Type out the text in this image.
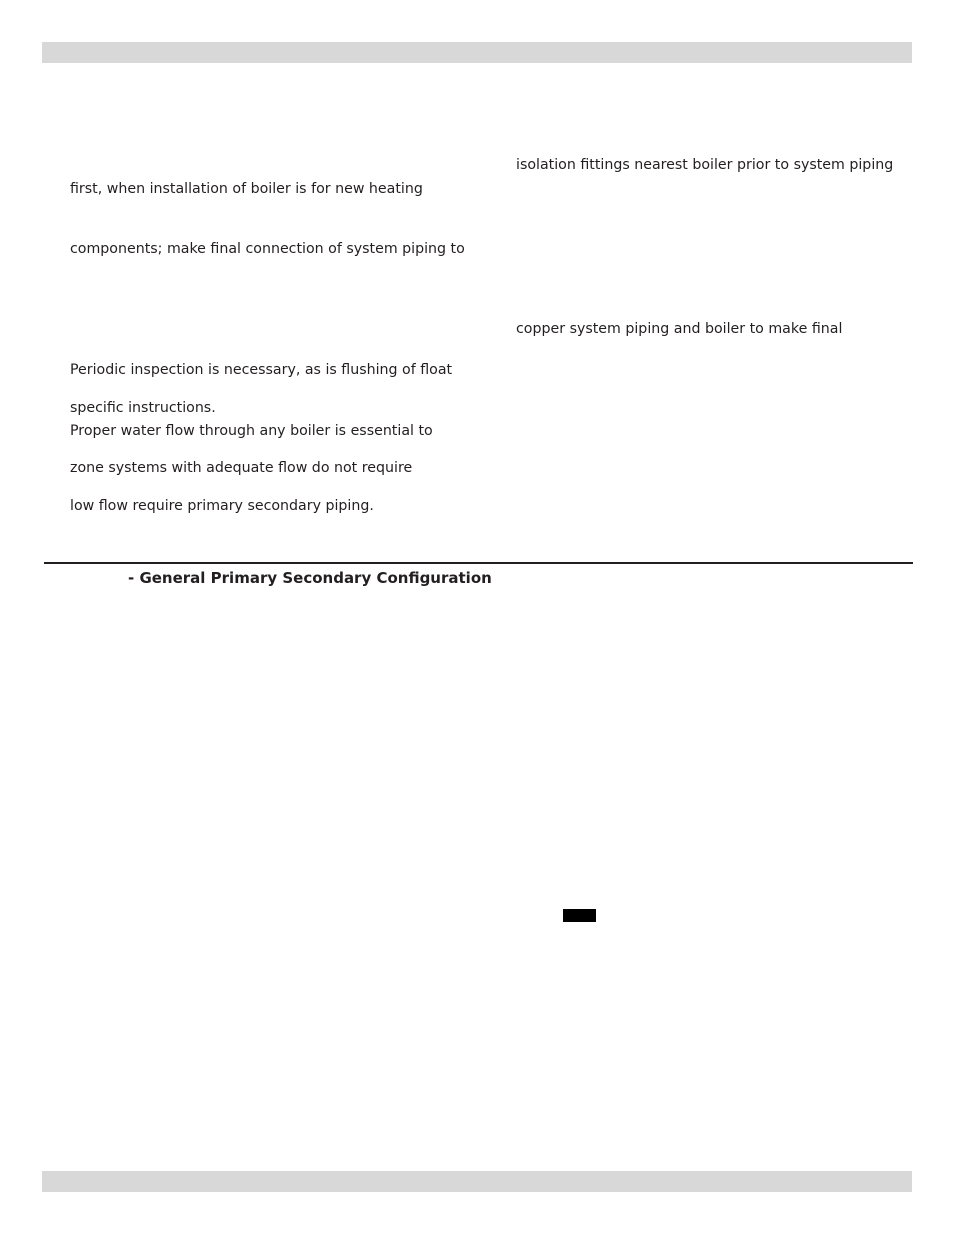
first, when installation of boiler is for new heating
components; make final connection of system piping to
Periodic inspection is necessary, as is flushing of float
specific instructions.
Proper water flow through any boiler is essential to
zone systems with adequate flow do not require
low flow require primary secondary piping.
isolation fittings nearest boiler prior to system piping
copper system piping and boiler to make final
- General Primary Secondary Configuration
